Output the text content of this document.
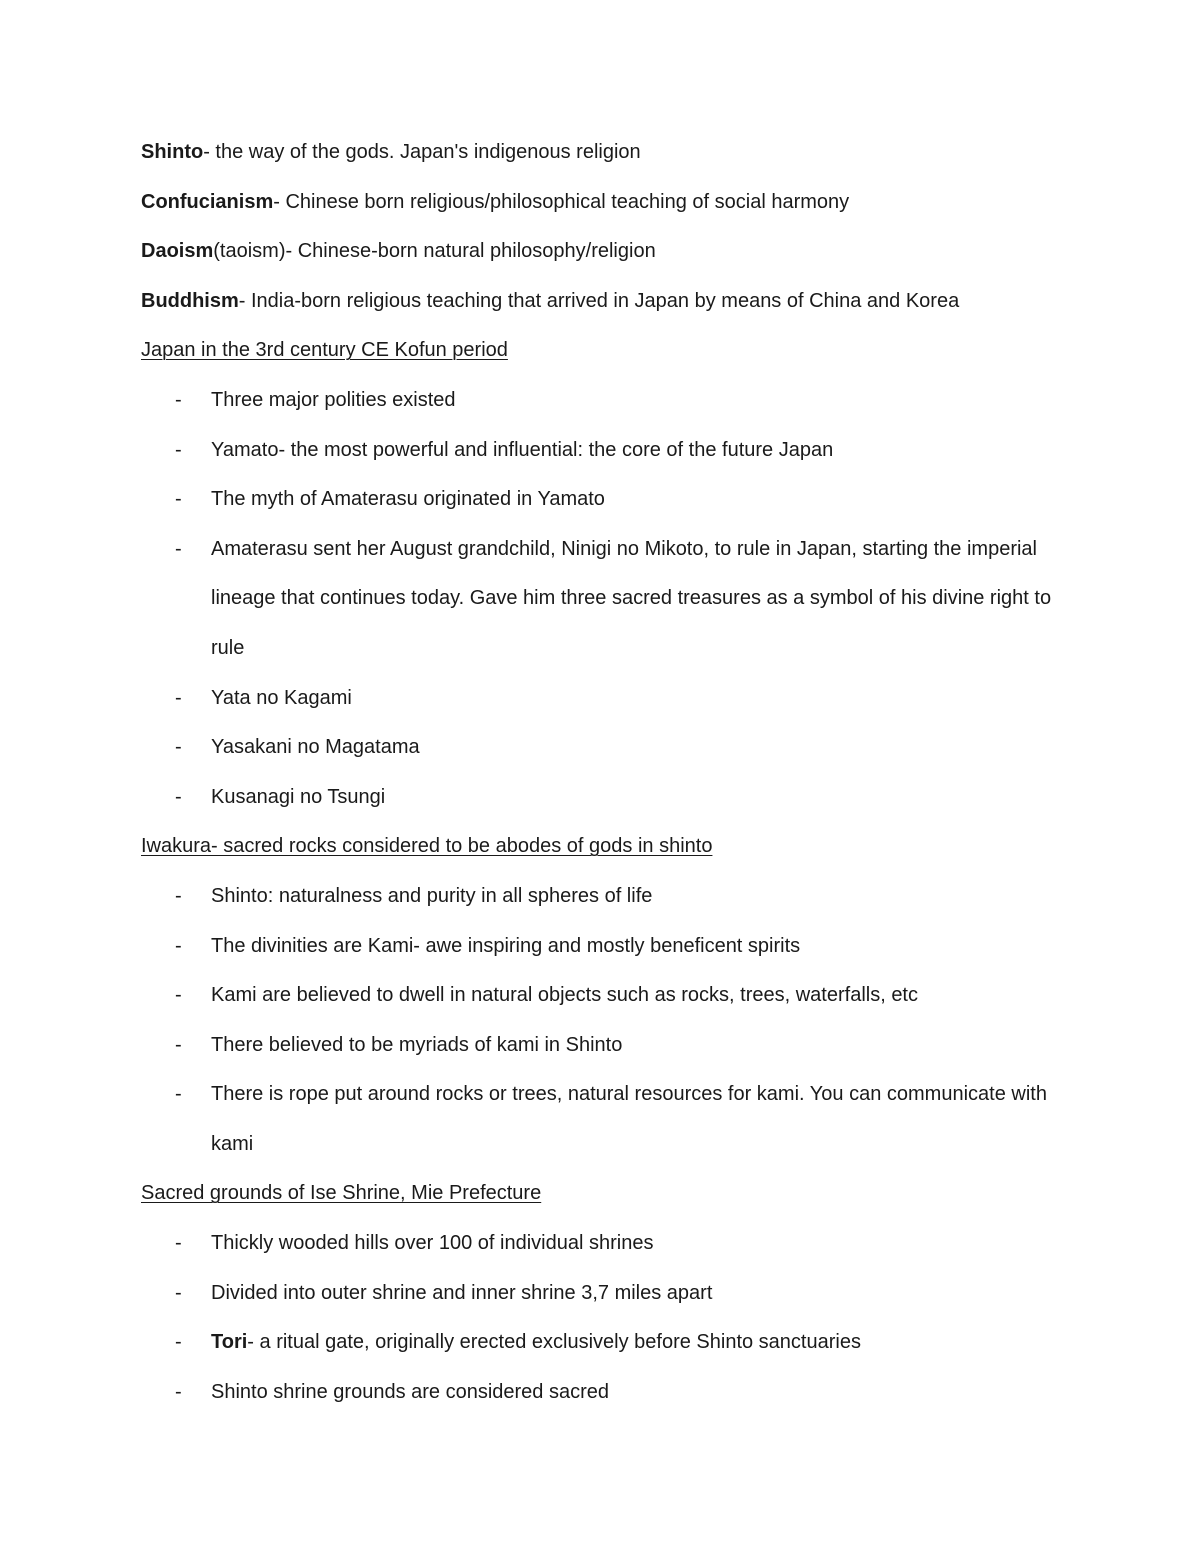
Shinto- the way of the gods. Japan's indigenous religion

Confucianism- Chinese born religious/philosophical teaching of social harmony

Daoism(taoism)- Chinese-born natural philosophy/religion

Buddhism- India-born religious teaching that arrived in Japan by means of China and Korea

Japan in the 3rd century CE Kofun period

-	Three major polities existed
-	Yamato- the most powerful and influential: the core of the future Japan
-	The myth of Amaterasu originated in Yamato
-	Amaterasu sent her August grandchild, Ninigi no Mikoto, to rule in Japan, starting the imperial lineage that continues today. Gave him three sacred treasures as a symbol of his divine right to rule
-	Yata no Kagami
-	Yasakani no Magatama
-	Kusanagi no Tsungi

Iwakura- sacred rocks considered to be abodes of gods in shinto

-	Shinto: naturalness and purity in all spheres of life
-	The divinities are Kami- awe inspiring and mostly beneficent spirits
-	Kami are believed to dwell in natural objects such as rocks, trees, waterfalls, etc
-	There believed to be myriads of kami in Shinto
-	There is rope put around rocks or trees, natural resources for kami. You can communicate with kami

Sacred grounds of Ise Shrine, Mie Prefecture

-	Thickly wooded hills over 100 of individual shrines
-	Divided into outer shrine and inner shrine 3,7 miles apart
-	Tori- a ritual gate, originally erected exclusively before Shinto sanctuaries
-	Shinto shrine grounds are considered sacred
